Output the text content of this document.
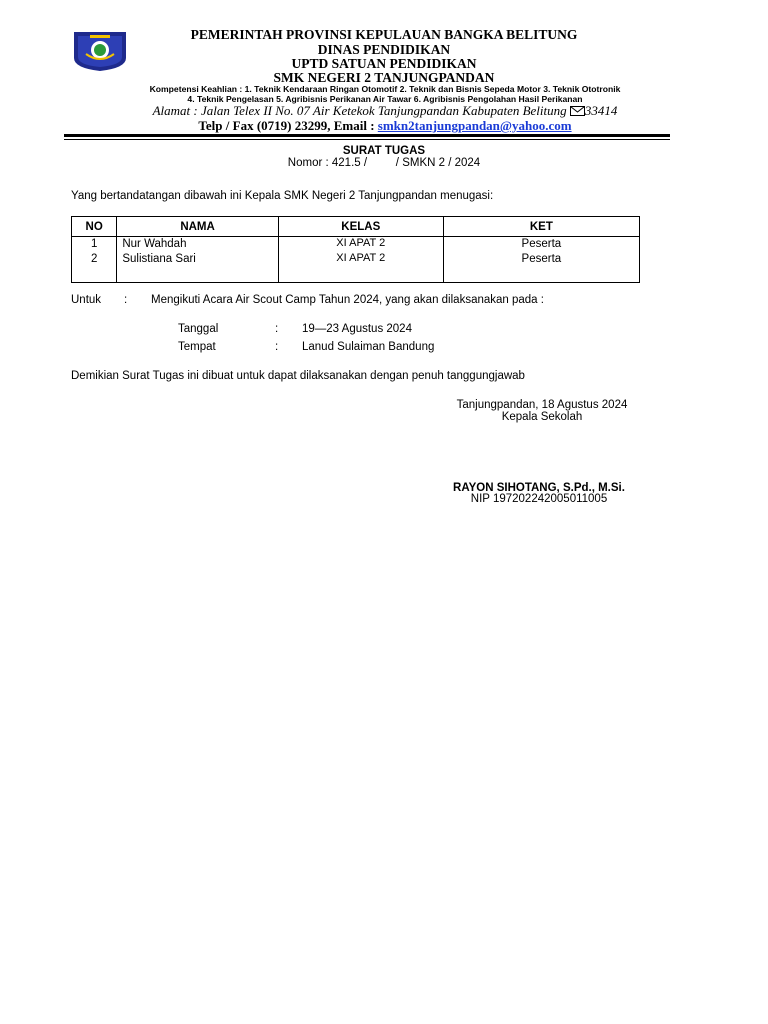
PEMERINTAH PROVINSI KEPULAUAN BANGKA BELITUNG
DINAS PENDIDIKAN
UPTD SATUAN PENDIDIKAN
SMK NEGERI 2 TANJUNGPANDAN
Kompetensi Keahlian : 1. Teknik Kendaraan Ringan Otomotif 2. Teknik dan Bisnis Sepeda Motor 3. Teknik Ototronik
4. Teknik Pengelasan 5. Agribisnis Perikanan Air Tawar 6. Agribisnis Pengolahan Hasil Perikanan
Alamat : Jalan Telex II No. 07 Air Ketekok Tanjungpandan Kabupaten Belitung 33414
Telp / Fax (0719) 23299, Email : smkn2tanjungpandan@yahoo.com
SURAT TUGAS
Nomor : 421.5 /         / SMKN 2 / 2024
Yang bertandatangan dibawah ini Kepala SMK Negeri 2 Tanjungpandan menugasi:
NO	NAMA	KELAS	KET
1	Nur Wahdah	XI APAT 2	Peserta
2	Sulistiana Sari	XI APAT 2	Peserta

Untuk : Mengikuti Acara Air Scout Camp Tahun 2024, yang akan dilaksanakan pada :
Tanggal	: 19—23 Agustus 2024
Tempat	: Lanud Sulaiman Bandung
Demikian Surat Tugas ini dibuat untuk dapat dilaksanakan dengan penuh tanggungjawab
Tanjungpandan, 18 Agustus 2024
Kepala Sekolah
RAYON SIHOTANG, S.Pd., M.Si.
NIP 197202242005011005
